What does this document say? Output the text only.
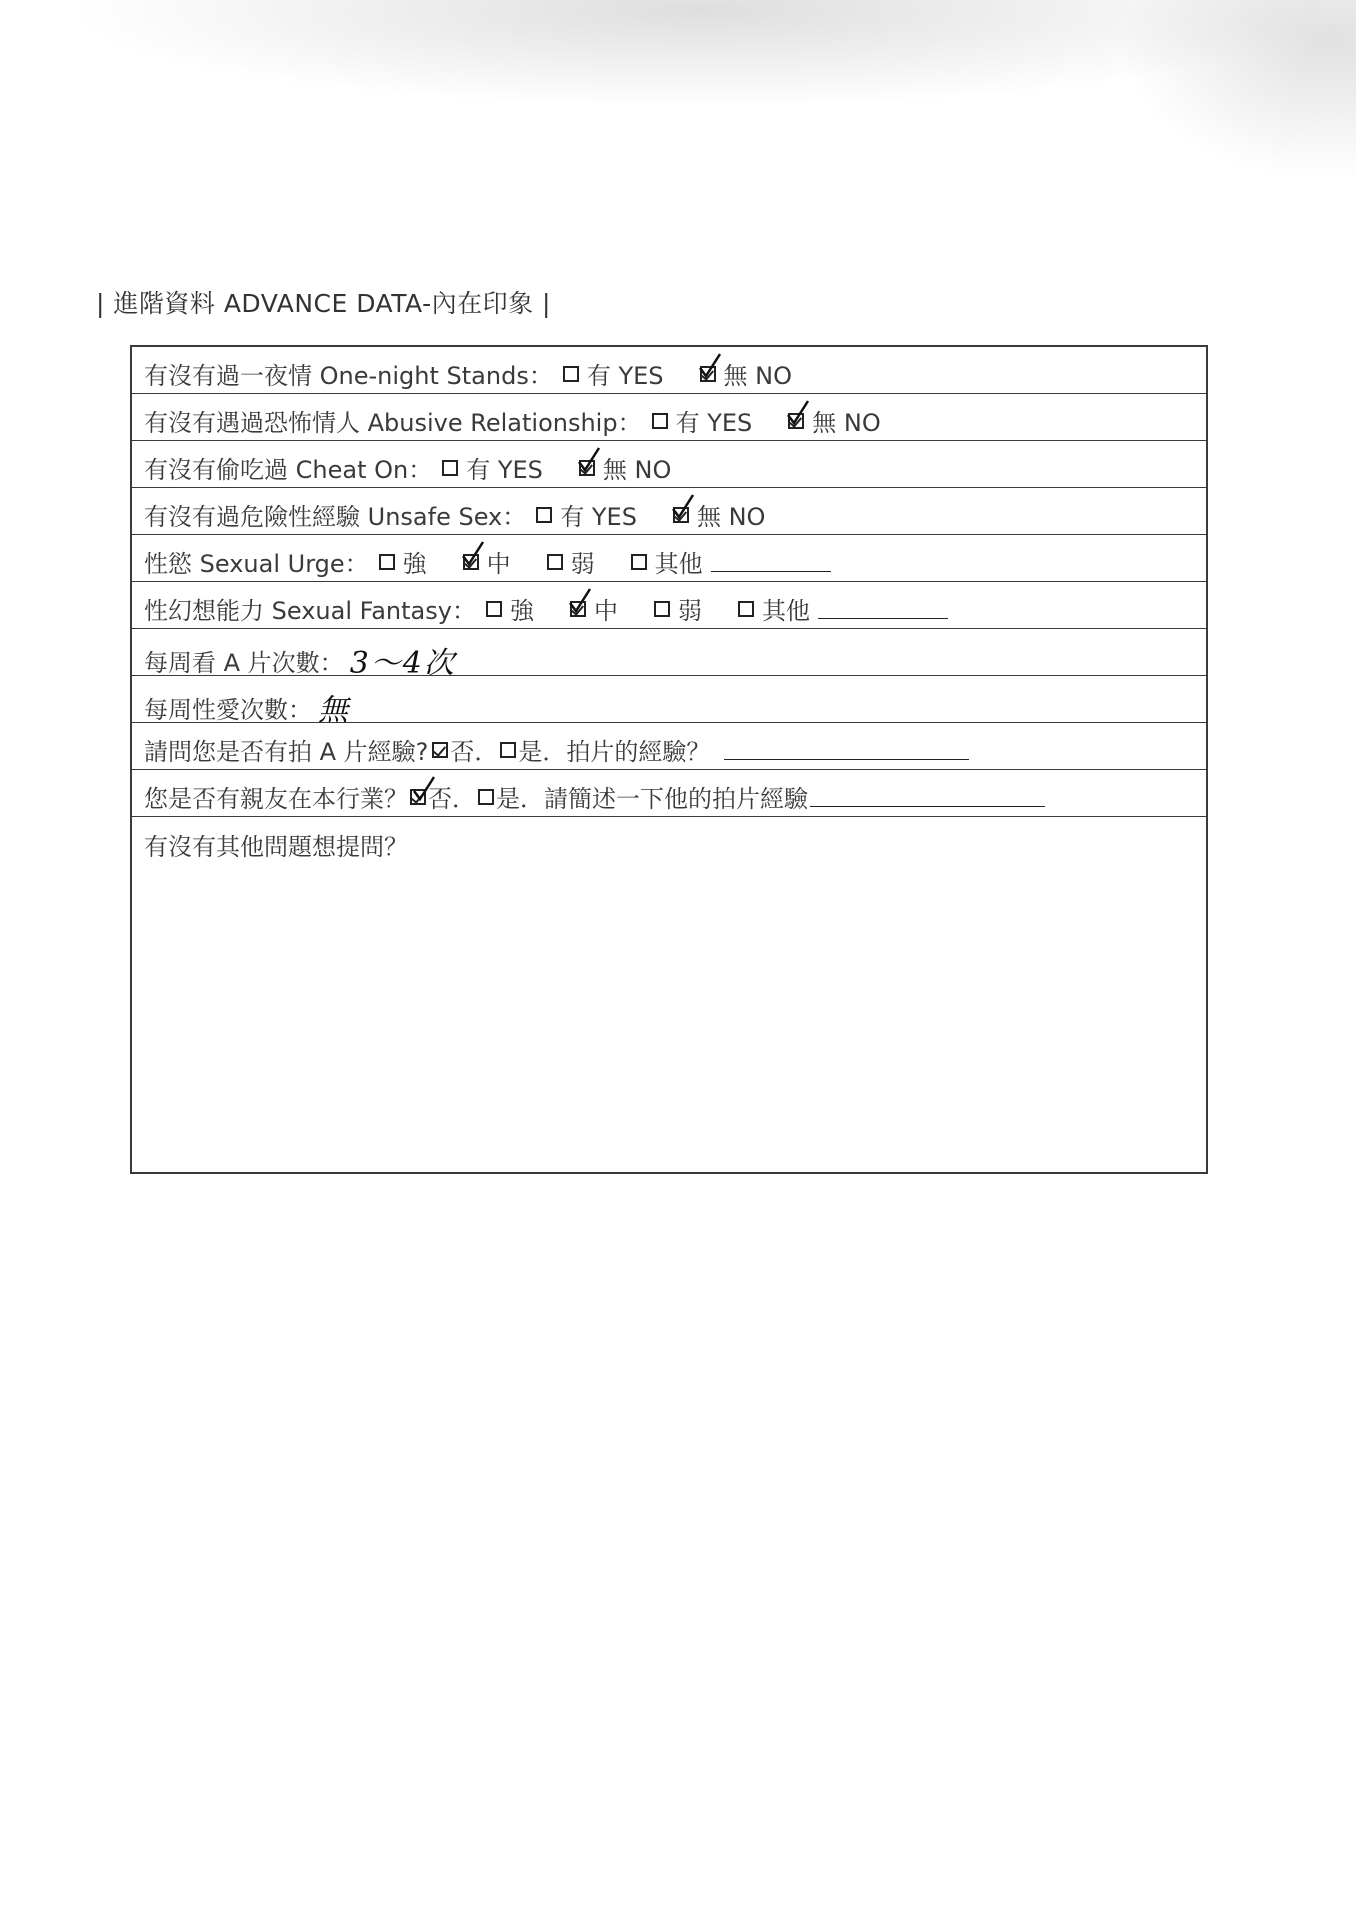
| 進階資料 ADVANCE DATA-內在印象 |
有沒有過一夜情 One-night Stands： 有 YES	無 NO
有沒有遇過恐怖情人 Abusive Relationship： 有 YES	無 NO
有沒有偷吃過 Cheat On： 有 YES	無 NO
有沒有過危險性經驗 Unsafe Sex： 有 YES	無 NO
性慾 Sexual Urge： 強	中	弱	其他
性幻想能力 Sexual Fantasy： 強	中	弱	其他
每周看 A 片次數： 3～4次
每周性愛次數： 無
請問您是否有拍 A 片經驗? 否 ． 是 ．拍片的經驗？
您是否有親友在本行業？ 否 ． 是 ．請簡述一下他的拍片經驗
有沒有其他問題想提問？
